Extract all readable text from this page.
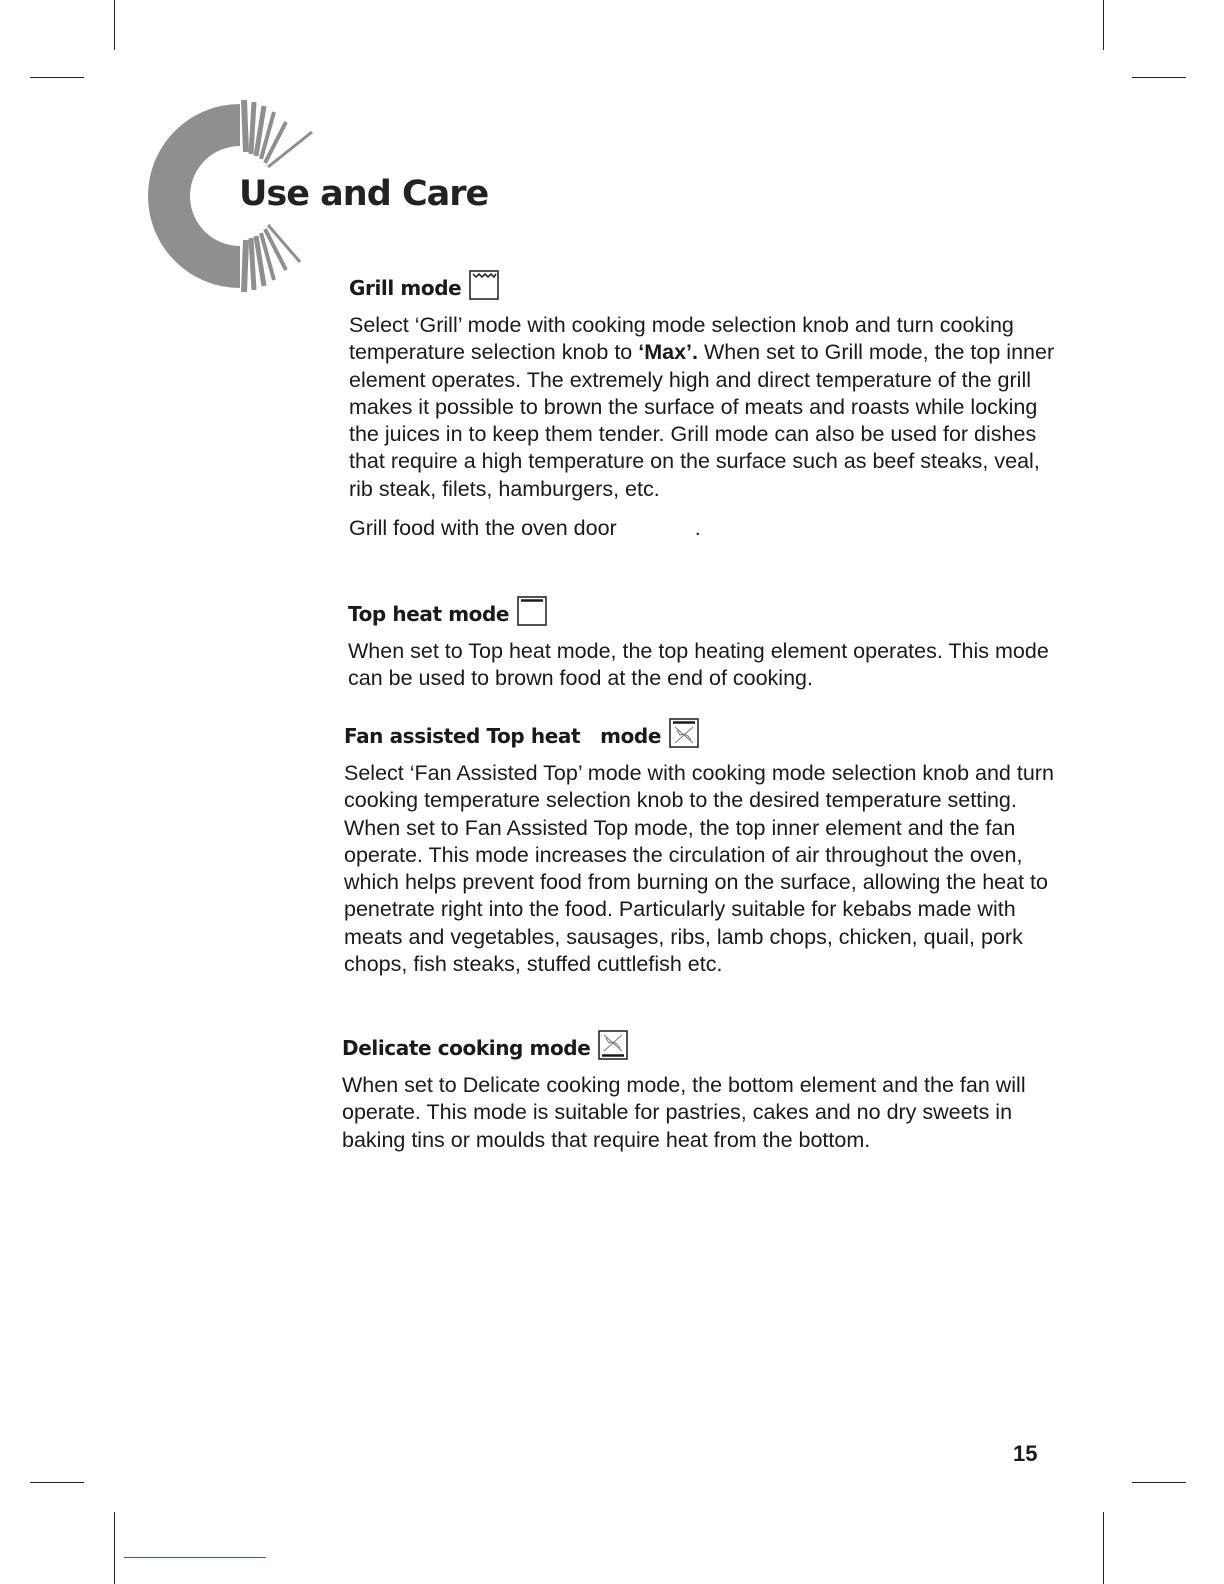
Use and Care
Grill mode

Select ‘Grill’ mode with cooking mode selection knob and turn cooking temperature selection knob to ‘Max’. When set to Grill mode, the top inner element operates. The extremely high and direct temperature of the grill makes it possible to brown the surface of meats and roasts while locking the juices in to keep them tender. Grill mode can also be used for dishes that require a high temperature on the surface such as beef steaks, veal, rib steak, filets, hamburgers, etc.

Grill food with the oven door	.

Top heat mode

When set to Top heat mode, the top heating element operates. This mode can be used to brown food at the end of cooking.

Fan assisted Top heat mode

Select ‘Fan Assisted Top’ mode with cooking mode selection knob and turn cooking temperature selection knob to the desired temperature setting. When set to Fan Assisted Top mode, the top inner element and the fan operate. This mode increases the circulation of air throughout the oven, which helps prevent food from burning on the surface, allowing the heat to penetrate right into the food. Particularly suitable for kebabs made with meats and vegetables, sausages, ribs, lamb chops, chicken, quail, pork chops, fish steaks, stuffed cuttlefish etc.

Delicate cooking mode

When set to Delicate cooking mode, the bottom element and the fan will operate. This mode is suitable for pastries, cakes and no dry sweets in baking tins or moulds that require heat from the bottom.

15
